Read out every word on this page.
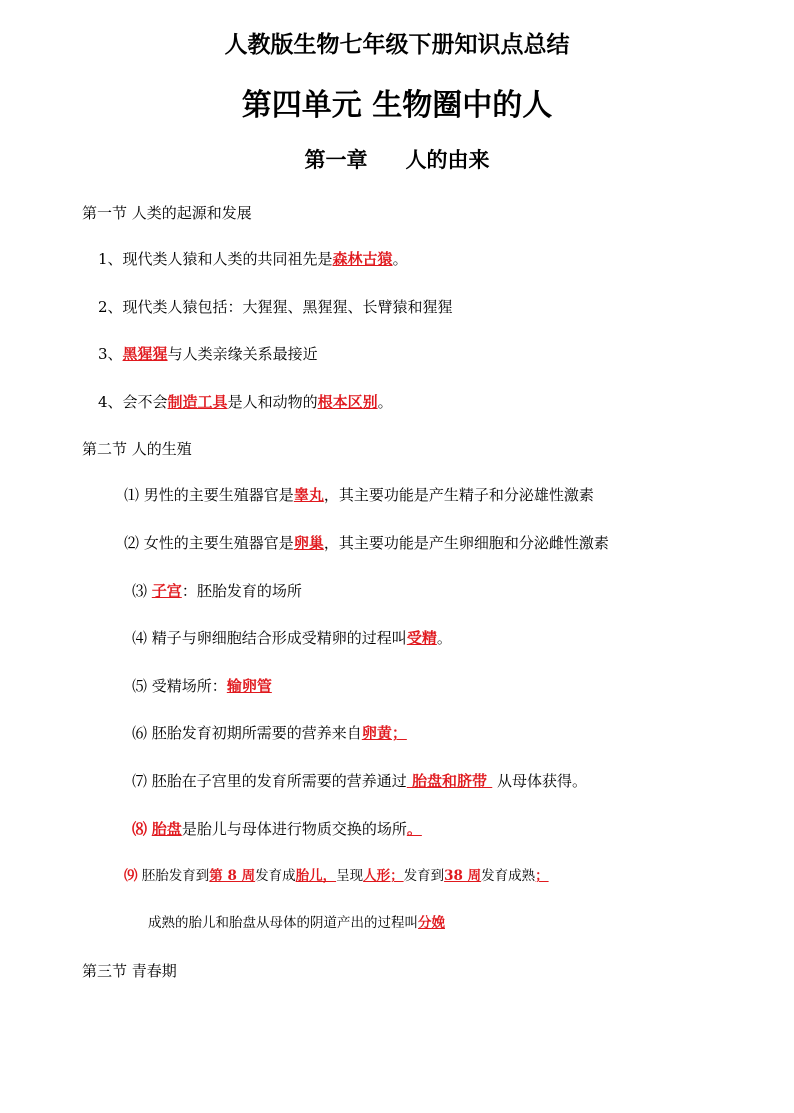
人教版生物七年级下册知识点总结
第四单元 生物圈中的人
第一章 人的由来
第一节 人类的起源和发展
1、现代类人猿和人类的共同祖先是森林古猿。
2、现代类人猿包括：大猩猩、黑猩猩、长臂猿和猩猩
3、黑猩猩与人类亲缘关系最接近
4、会不会制造工具是人和动物的根本区别。
第二节 人的生殖
⑴ 男性的主要生殖器官是睾丸，其主要功能是产生精子和分泌雄性激素
⑵ 女性的主要生殖器官是卵巢，其主要功能是产生卵细胞和分泌雌性激素
⑶ 子宫：胚胎发育的场所
⑷ 精子与卵细胞结合形成受精卵的过程叫受精。
⑸ 受精场所：输卵管
⑹ 胚胎发育初期所需要的营养来自卵黄；
⑺ 胚胎在子宫里的发育所需要的营养通过 胎盘和脐带  从母体获得。
⑻ 胎盘是胎儿与母体进行物质交换的场所。
⑼ 胚胎发育到第 8 周发育成胎儿，呈现人形；发育到38 周发育成熟；
成熟的胎儿和胎盘从母体的阴道产出的过程叫分娩
第三节 青春期
